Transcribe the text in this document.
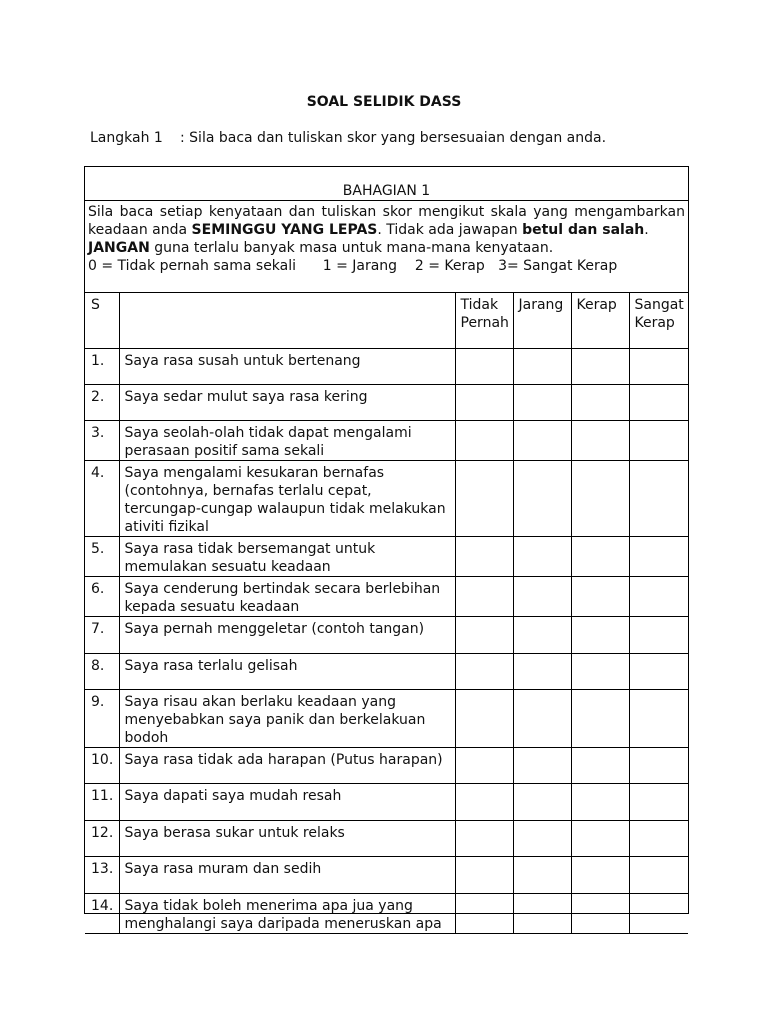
SOAL SELIDIK DASS
Langkah 1 : Sila baca dan tuliskan skor yang bersesuaian dengan anda.
BAHAGIAN 1

Sila baca setiap kenyataan dan tuliskan skor mengikut skala yang mengambarkan keadaan anda SEMINGGU YANG LEPAS. Tidak ada jawapan betul dan salah.

JANGAN guna terlalu banyak masa untuk mana-mana kenyataan.

0 = Tidak pernah sama sekali      1 = Jarang    2 = Kerap   3= Sangat Kerap

S		Tidak Pernah	Jarang	Kerap	Sangat Kerap
1.	Saya rasa susah untuk bertenang				
2.	Saya sedar mulut saya rasa kering				
3.	Saya seolah-olah tidak dapat mengalami perasaan positif sama sekali				
4.	Saya mengalami kesukaran bernafas (contohnya, bernafas terlalu cepat, tercungap-cungap walaupun tidak melakukan ativiti fizikal				
5.	Saya rasa tidak bersemangat untuk memulakan sesuatu keadaan				
6.	Saya cenderung bertindak secara berlebihan kepada sesuatu keadaan				
7.	Saya pernah menggeletar (contoh tangan)				
8.	Saya rasa terlalu gelisah				
9.	Saya risau akan berlaku keadaan yang menyebabkan saya panik dan berkelakuan bodoh				
10.	Saya rasa tidak ada harapan (Putus harapan)				
11.	Saya dapati saya mudah resah				
12.	Saya berasa sukar untuk relaks				
13.	Saya rasa muram dan sedih				
14.	Saya tidak boleh menerima apa jua yang menghalangi saya daripada meneruskan apa				
